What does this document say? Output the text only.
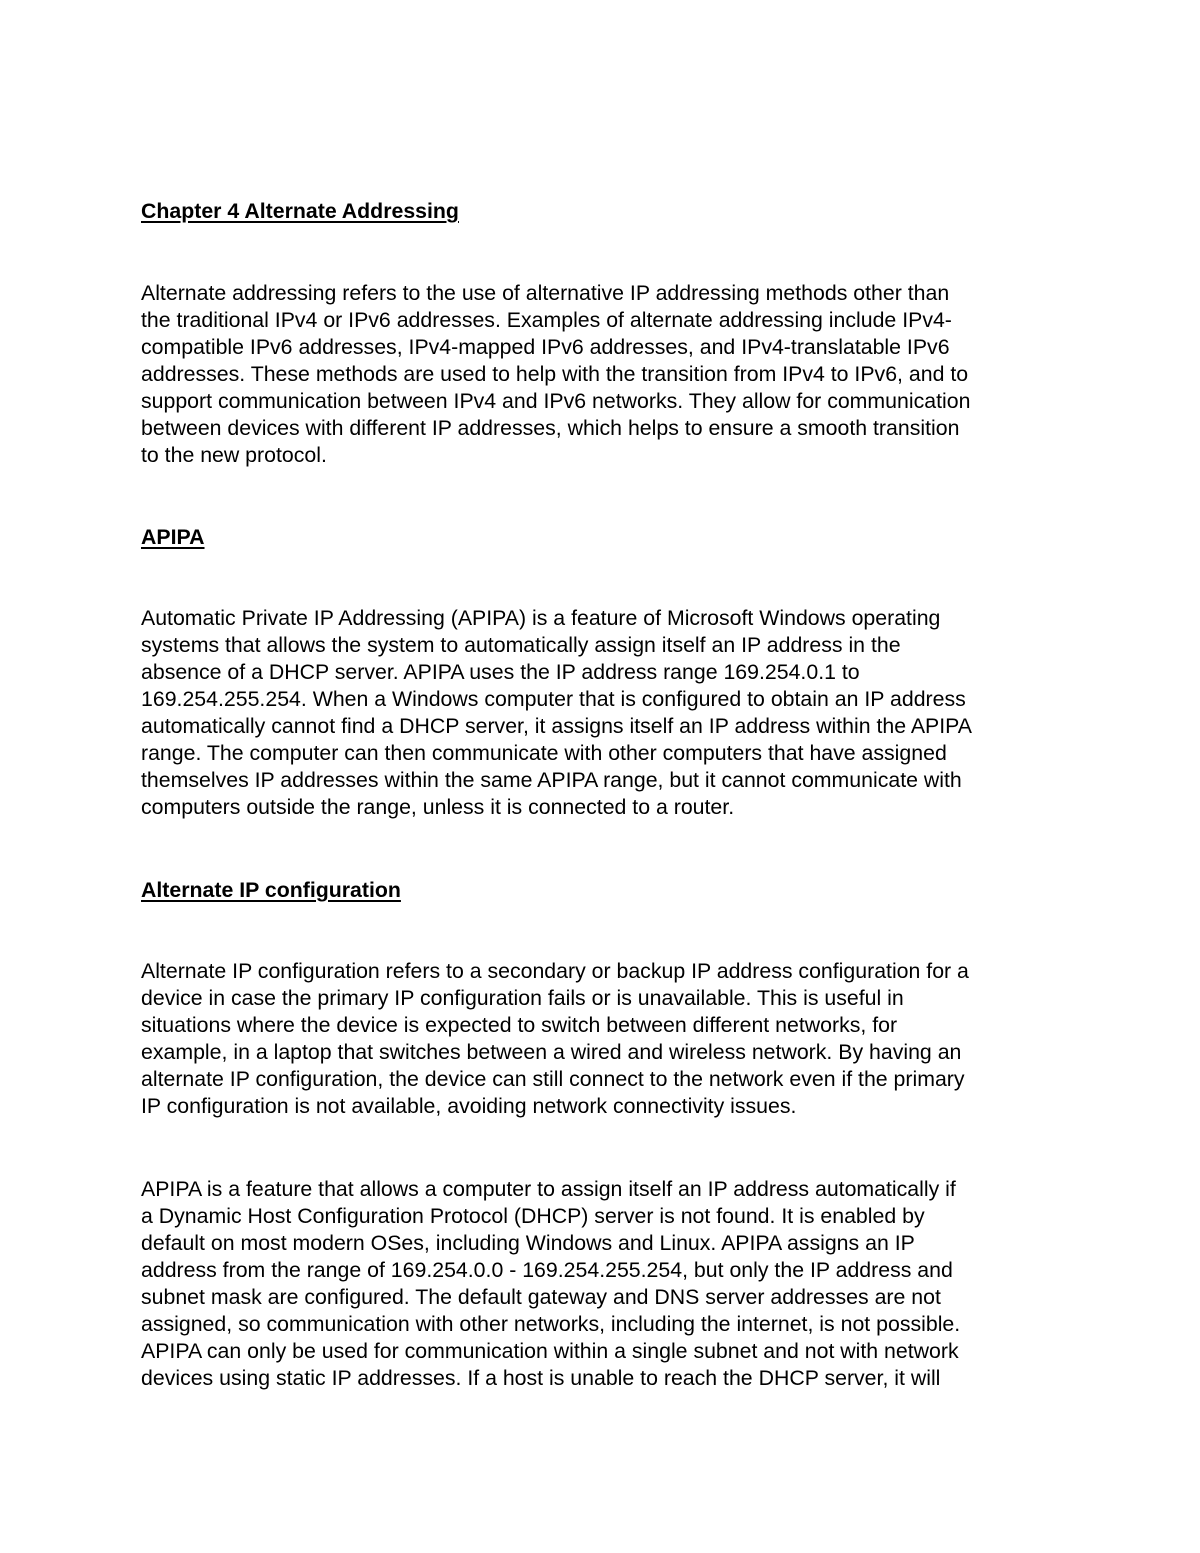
Chapter 4 Alternate Addressing
Alternate addressing refers to the use of alternative IP addressing methods other than
the traditional IPv4 or IPv6 addresses. Examples of alternate addressing include IPv4-
compatible IPv6 addresses, IPv4-mapped IPv6 addresses, and IPv4-translatable IPv6
addresses. These methods are used to help with the transition from IPv4 to IPv6, and to
support communication between IPv4 and IPv6 networks. They allow for communication
between devices with different IP addresses, which helps to ensure a smooth transition
to the new protocol.
APIPA
Automatic Private IP Addressing (APIPA) is a feature of Microsoft Windows operating
systems that allows the system to automatically assign itself an IP address in the
absence of a DHCP server. APIPA uses the IP address range 169.254.0.1 to
169.254.255.254. When a Windows computer that is configured to obtain an IP address
automatically cannot find a DHCP server, it assigns itself an IP address within the APIPA
range. The computer can then communicate with other computers that have assigned
themselves IP addresses within the same APIPA range, but it cannot communicate with
computers outside the range, unless it is connected to a router.
Alternate IP configuration
Alternate IP configuration refers to a secondary or backup IP address configuration for a
device in case the primary IP configuration fails or is unavailable. This is useful in
situations where the device is expected to switch between different networks, for
example, in a laptop that switches between a wired and wireless network. By having an
alternate IP configuration, the device can still connect to the network even if the primary
IP configuration is not available, avoiding network connectivity issues.
APIPA is a feature that allows a computer to assign itself an IP address automatically if
a Dynamic Host Configuration Protocol (DHCP) server is not found. It is enabled by
default on most modern OSes, including Windows and Linux. APIPA assigns an IP
address from the range of 169.254.0.0 - 169.254.255.254, but only the IP address and
subnet mask are configured. The default gateway and DNS server addresses are not
assigned, so communication with other networks, including the internet, is not possible.
APIPA can only be used for communication within a single subnet and not with network
devices using static IP addresses. If a host is unable to reach the DHCP server, it will
